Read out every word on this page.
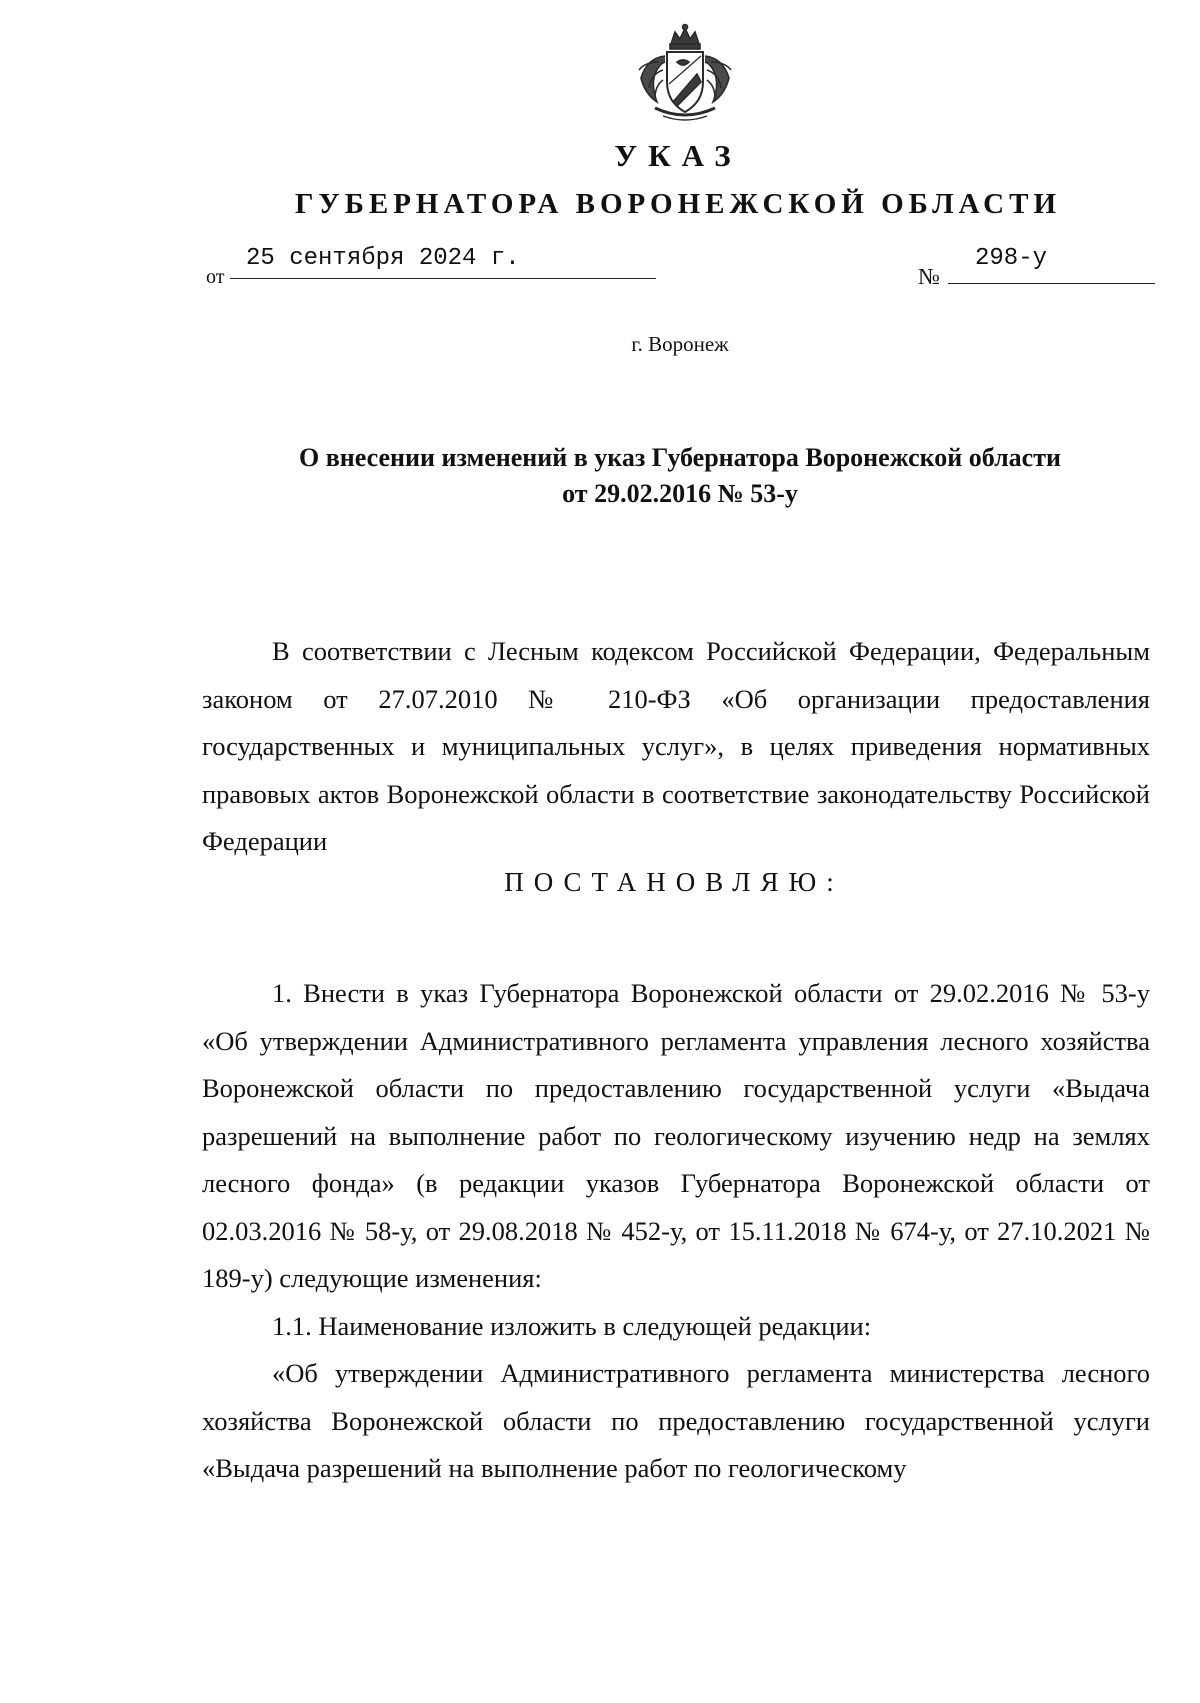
УКАЗ
ГУБЕРНАТОРА ВОРОНЕЖСКОЙ ОБЛАСТИ
от
25 сентября 2024 г.
№
298-у
г. Воронеж
О внесении изменений в указ Губернатора Воронежской области
от 29.02.2016 № 53-у

В соответствии с Лесным кодексом Российской Федерации, Федеральным законом от 27.07.2010 № 210-ФЗ «Об организации предоставления государственных и муниципальных услуг», в целях приведения нормативных правовых актов Воронежской области в соответствие законодательству Российской Федерации

ПОСТАНОВЛЯЮ:

1. Внести в указ Губернатора Воронежской области от 29.02.2016 № 53-у «Об утверждении Административного регламента управления лесного хозяйства Воронежской области по предоставлению государственной услуги «Выдача разрешений на выполнение работ по геологическому изучению недр на землях лесного фонда» (в редакции указов Губернатора Воронежской области от 02.03.2016 № 58-у, от 29.08.2018 № 452-у, от 15.11.2018 № 674-у, от 27.10.2021 № 189-у) следующие изменения:

1.1. Наименование изложить в следующей редакции:

«Об утверждении Административного регламента министерства лесного хозяйства Воронежской области по предоставлению государственной услуги «Выдача разрешений на выполнение работ по геологическому
